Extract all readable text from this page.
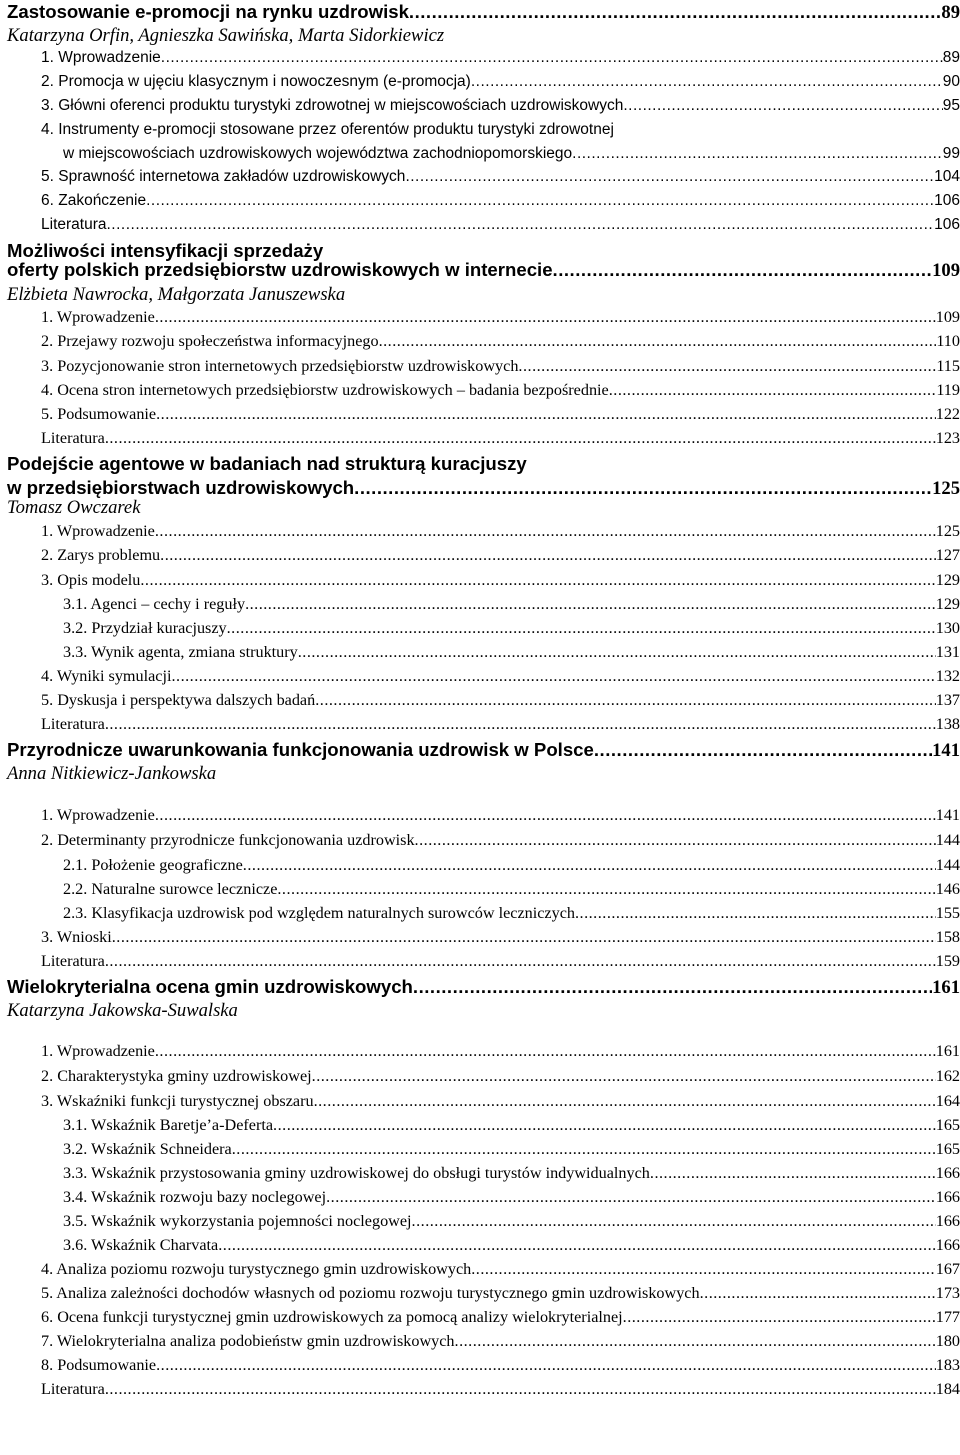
Zastosowanie e-promocji na rynku uzdrowisk .....	89
Katarzyna Orfin, Agnieszka Sawińska, Marta Sidorkiewicz
1. Wprowadzenie .....	89
2. Promocja w ujęciu klasycznym i nowoczesnym (e-promocja) .....	90
3. Główni oferenci produktu turystyki zdrowotnej w miejscowościach uzdrowiskowych .....	95
4. Instrumenty e-promocji stosowane przez oferentów produktu turystyki zdrowotnej
w miejscowościach uzdrowiskowych województwa zachodniopomorskiego .....	99
5. Sprawność internetowa zakładów uzdrowiskowych .....	104
6. Zakończenie .....	106
Literatura .....	106
Możliwości intensyfikacji sprzedaży
oferty polskich przedsiębiorstw uzdrowiskowych w internecie .....	109
Elżbieta Nawrocka, Małgorzata Januszewska
1. Wprowadzenie .....	109
2. Przejawy rozwoju społeczeństwa informacyjnego .....	110
3. Pozycjonowanie stron internetowych przedsiębiorstw uzdrowiskowych .....	115
4. Ocena stron internetowych przedsiębiorstw uzdrowiskowych – badania bezpośrednie .....	119
5. Podsumowanie .....	122
Literatura .....	123
Podejście agentowe w badaniach nad strukturą kuracjuszy
w przedsiębiorstwach uzdrowiskowych .....	125
Tomasz Owczarek
1. Wprowadzenie .....	125
2. Zarys problemu .....	127
3. Opis modelu .....	129
3.1. Agenci – cechy i reguły .....	129
3.2. Przydział kuracjuszy .....	130
3.3. Wynik agenta, zmiana struktury .....	131
4. Wyniki symulacji .....	132
5. Dyskusja i perspektywa dalszych badań .....	137
Literatura .....	138
Przyrodnicze uwarunkowania funkcjonowania uzdrowisk w Polsce .....	141
Anna Nitkiewicz-Jankowska
1. Wprowadzenie .....	141
2. Determinanty przyrodnicze funkcjonowania uzdrowisk .....	144
2.1. Położenie geograficzne .....	144
2.2. Naturalne surowce lecznicze .....	146
2.3. Klasyfikacja uzdrowisk pod względem naturalnych surowców leczniczych .....	155
3. Wnioski .....	158
Literatura .....	159
Wielokryterialna ocena gmin uzdrowiskowych .....	161
Katarzyna Jakowska-Suwalska
1. Wprowadzenie .....	161
2. Charakterystyka gminy uzdrowiskowej .....	162
3. Wskaźniki funkcji turystycznej obszaru .....	164
3.1. Wskaźnik Baretje’a-Deferta .....	165
3.2. Wskaźnik Schneidera .....	165
3.3. Wskaźnik przystosowania gminy uzdrowiskowej do obsługi turystów indywidualnych .....	166
3.4. Wskaźnik rozwoju bazy noclegowej .....	166
3.5. Wskaźnik wykorzystania pojemności noclegowej .....	166
3.6. Wskaźnik Charvata .....	166
4. Analiza poziomu rozwoju turystycznego gmin uzdrowiskowych .....	167
5. Analiza zależności dochodów własnych od poziomu rozwoju turystycznego gmin uzdrowiskowych .....	173
6. Ocena funkcji turystycznej gmin uzdrowiskowych za pomocą analizy wielokryterialnej .....	177
7. Wielokryterialna analiza podobieństw gmin uzdrowiskowych .....	180
8. Podsumowanie .....	183
Literatura .....	184
